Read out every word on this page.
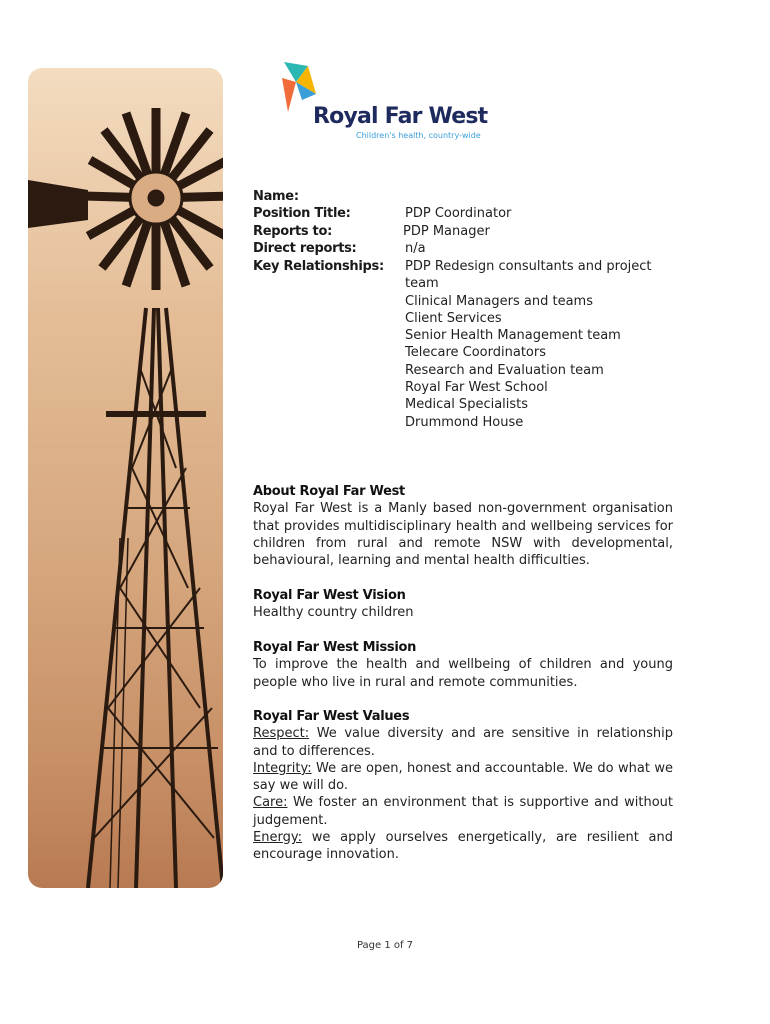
Royal Far West
Children's health, country-wide
Name:
Position Title:	PDP Coordinator
Reports to:	PDP Manager
Direct reports:	n/a
Key Relationships: PDP Redesign consultants and project
team
Clinical Managers and teams
Client Services
Senior Health Management team
Telecare Coordinators
Research and Evaluation team
Royal Far West School
Medical Specialists
Drummond House
About Royal Far West
Royal Far West is a Manly based non-government organisation that provides multidisciplinary health and wellbeing services for children from rural and remote NSW with developmental, behavioural, learning and mental health difficulties.
Royal Far West Vision
Healthy country children
Royal Far West Mission
To improve the health and wellbeing of children and young people who live in rural and remote communities.
Royal Far West Values
Respect: We value diversity and are sensitive in relationship and to differences.
Integrity: We are open, honest and accountable. We do what we say we will do.
Care: We foster an environment that is supportive and without judgement.
Energy: we apply ourselves energetically, are resilient and encourage innovation.
Page 1 of 7
